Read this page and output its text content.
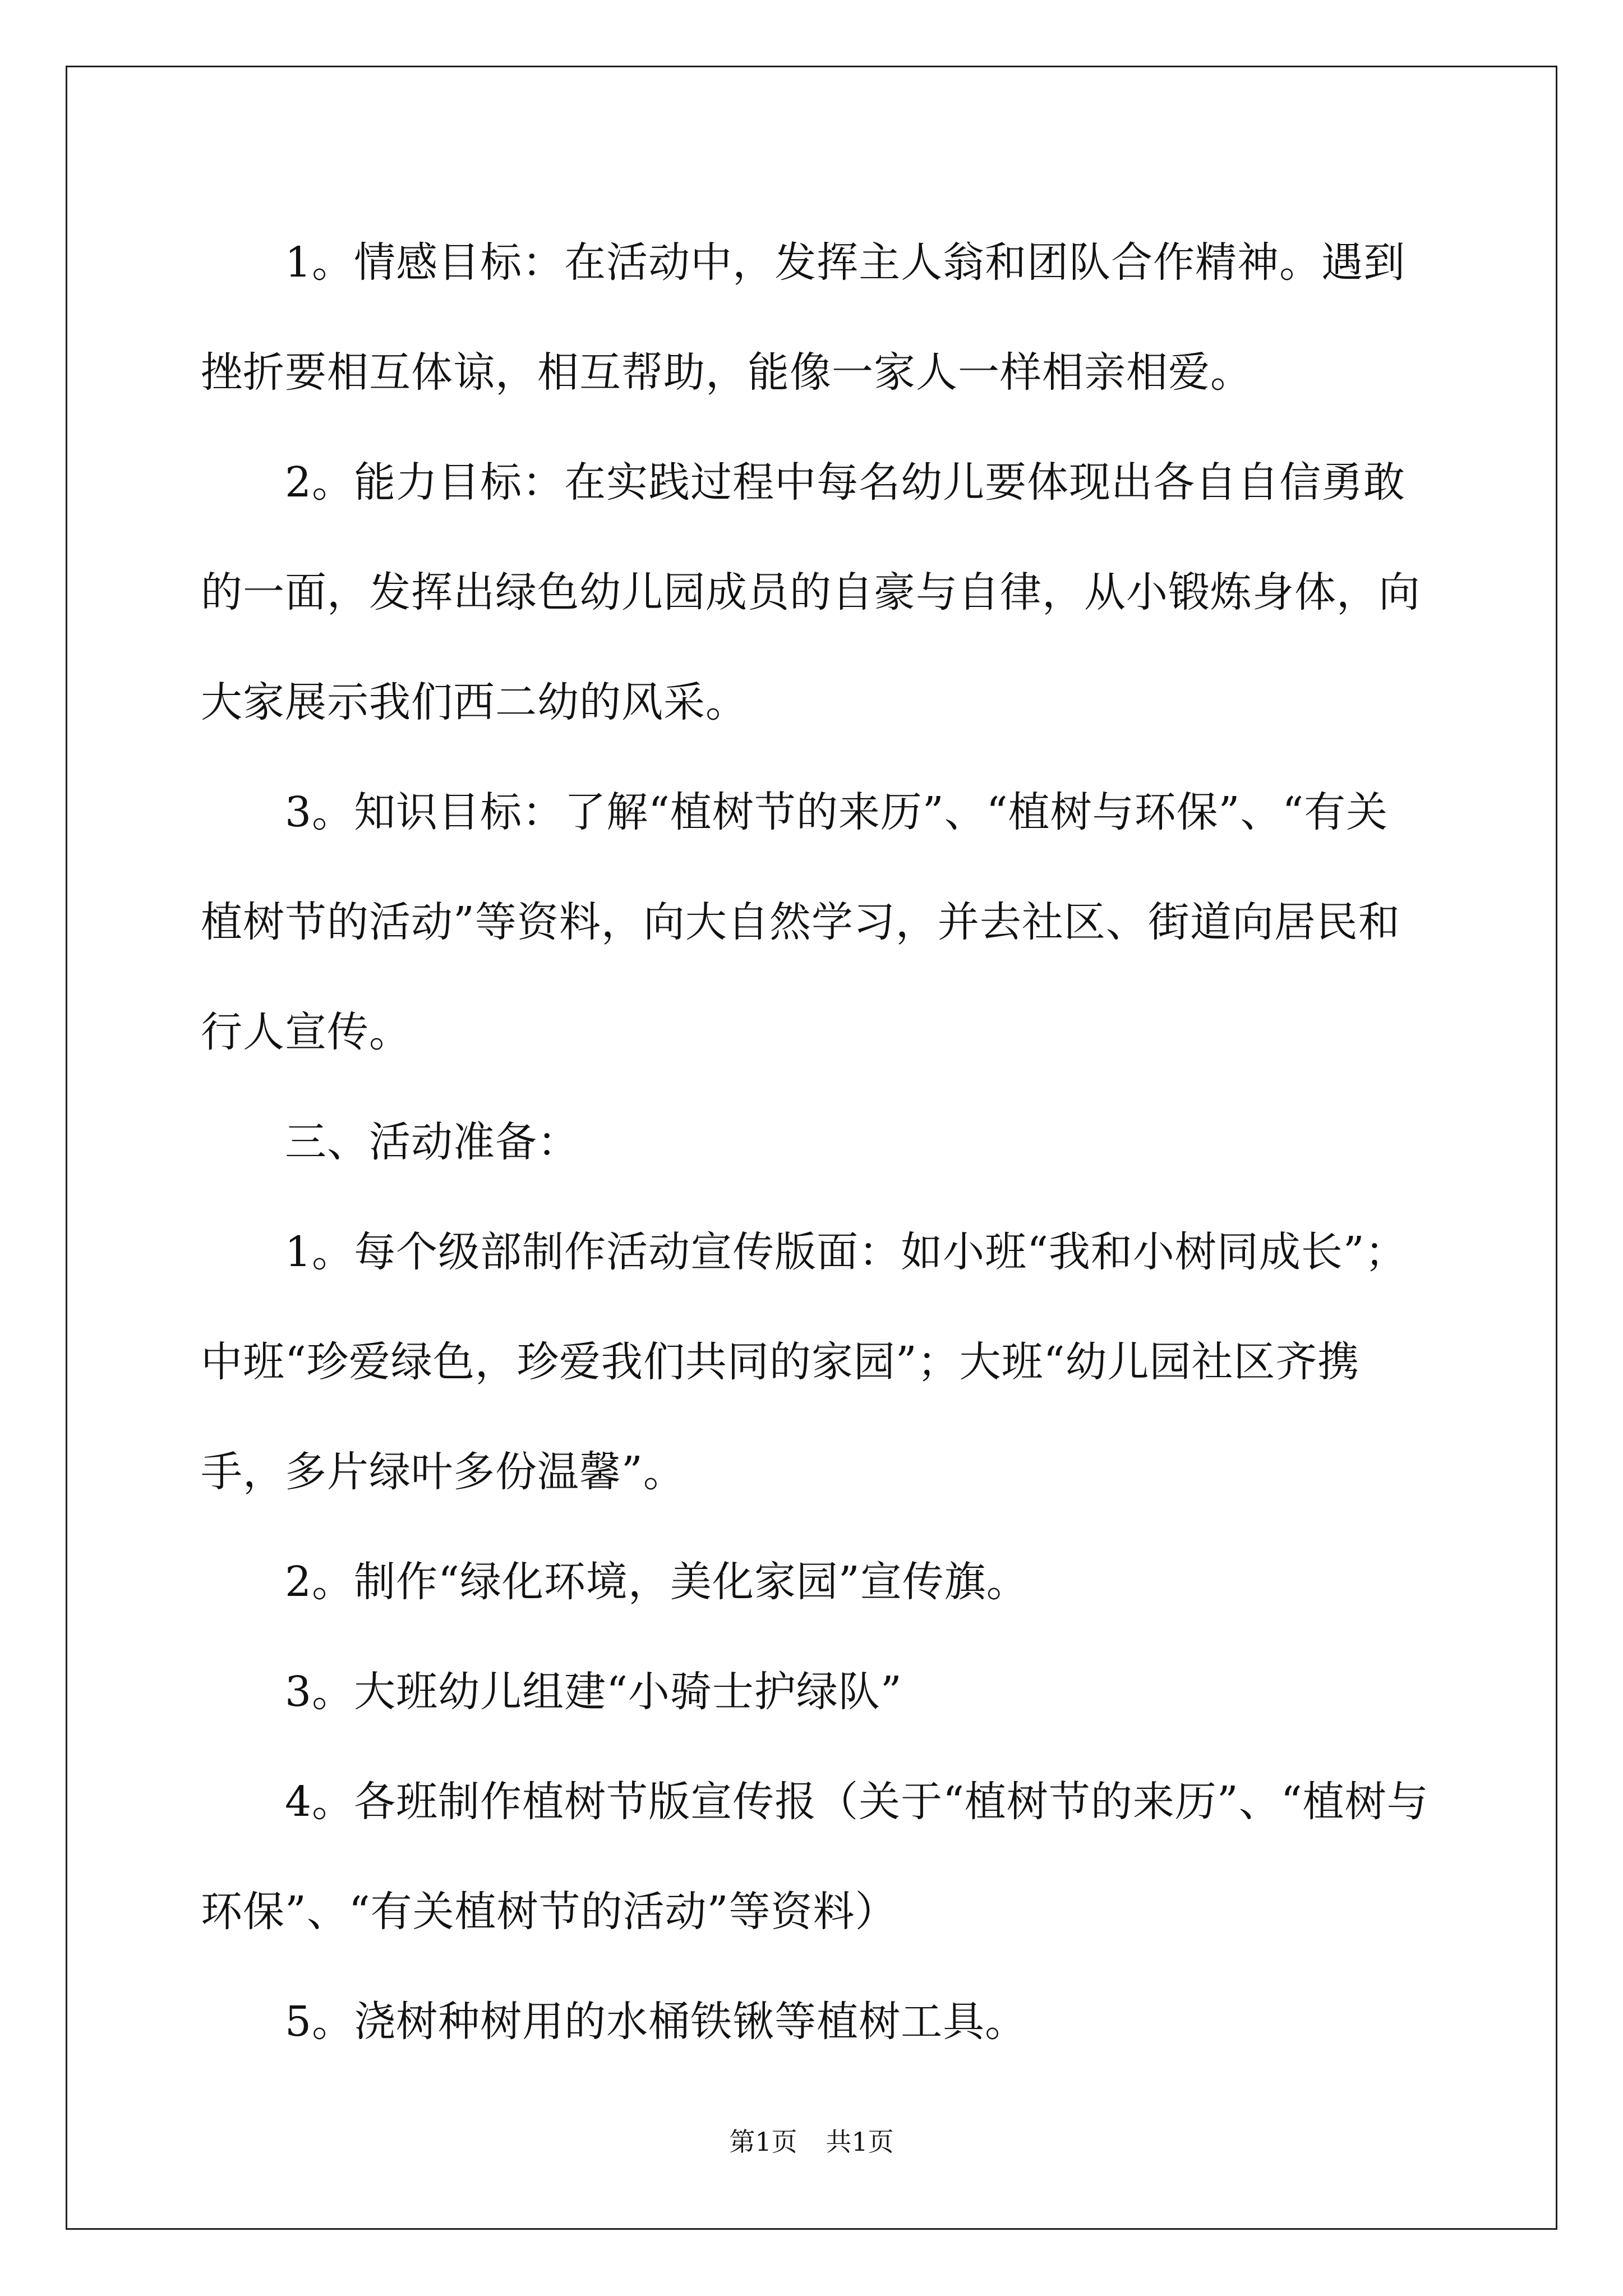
1。情感目标：在活动中，发挥主人翁和团队合作精神。遇到挫折要相互体谅，相互帮助，能像一家人一样相亲相爱。

2。能力目标：在实践过程中每名幼儿要体现出各自自信勇敢的一面，发挥出绿色幼儿园成员的自豪与自律，从小锻炼身体，向大家展示我们西二幼的风采。

3。知识目标：了解“植树节的来历”、“植树与环保”、“有关植树节的活动”等资料，向大自然学习，并去社区、街道向居民和行人宣传。

三、活动准备：

1。每个级部制作活动宣传版面：如小班“我和小树同成长”；中班“珍爱绿色，珍爱我们共同的家园”；大班“幼儿园社区齐携手，多片绿叶多份温馨”。

2。制作“绿化环境，美化家园”宣传旗。

3。大班幼儿组建“小骑士护绿队”

4。各班制作植树节版宣传报（关于“植树节的来历”、“植树与环保”、“有关植树节的活动”等资料）

5。浇树种树用的水桶铁锹等植树工具。

第1页 共1页
